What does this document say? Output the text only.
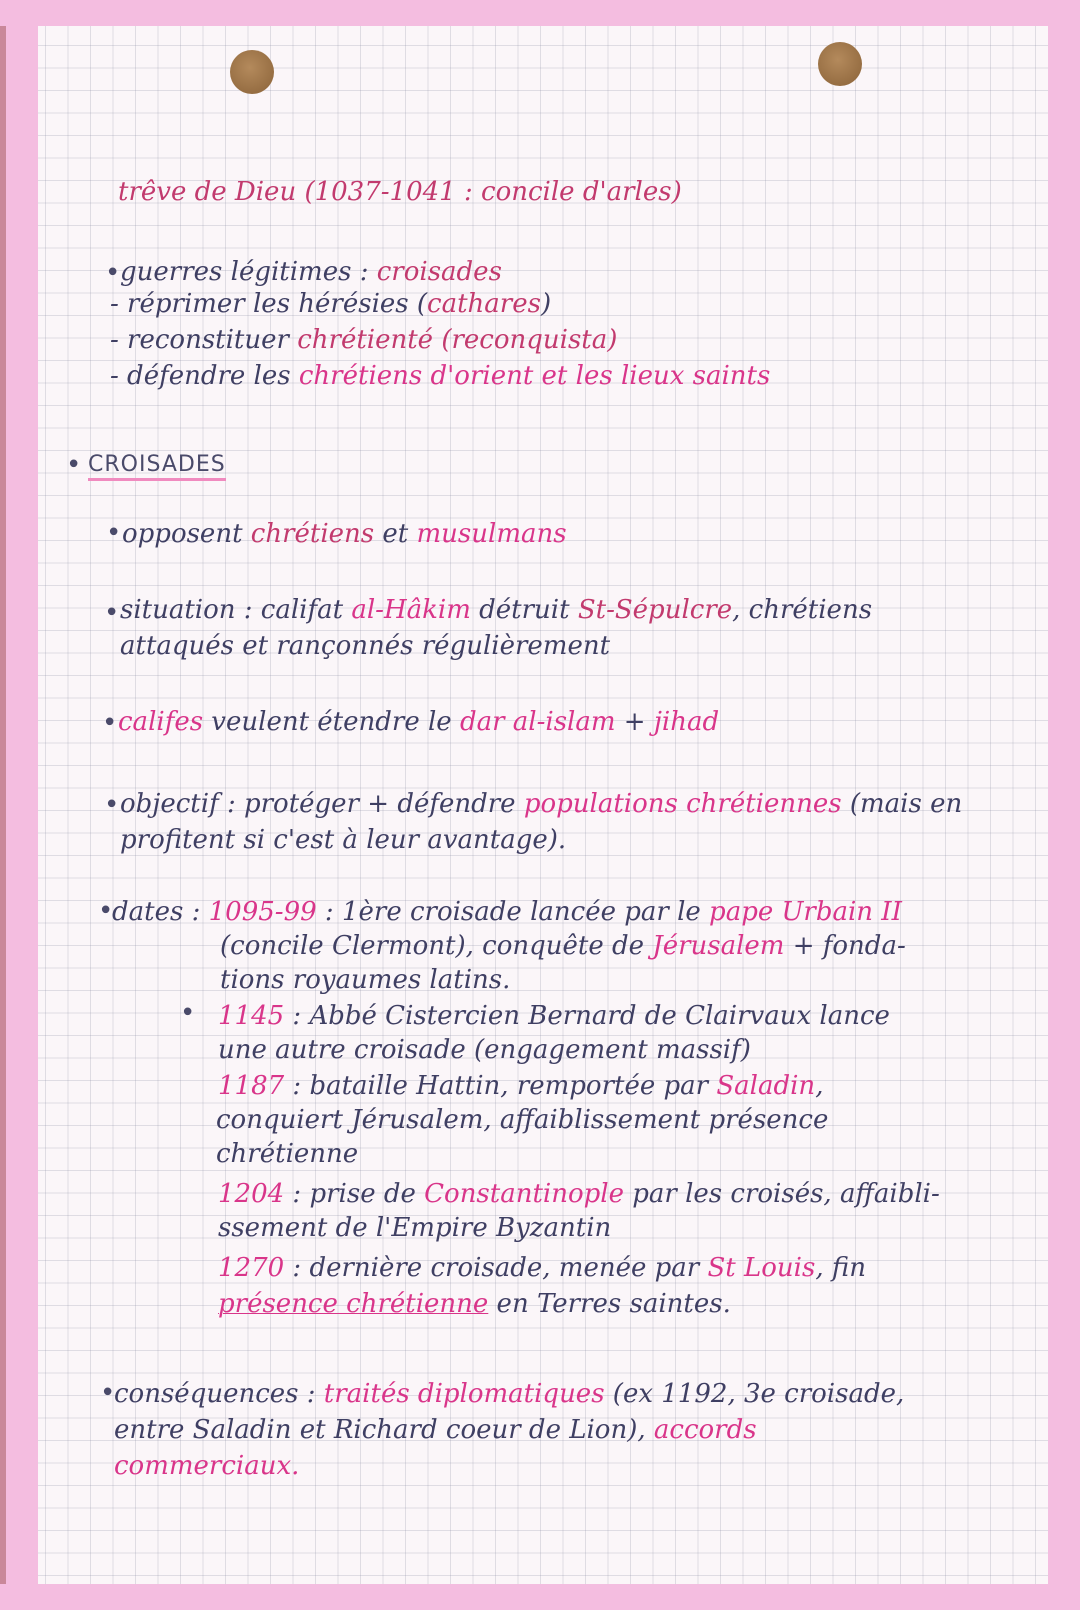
trêve de Dieu (1037-1041 : concile d'arles)

• guerres légitimes : croisades

- réprimer les hérésies (cathares)

- reconstituer chrétienté (reconquista)

- défendre les chrétiens d'orient et les lieux saints

• CROISADES
• opposent chrétiens et musulmans

• situation : califat al-Hâkim détruit St-Sépulcre, chrétiens

attaqués et rançonnés régulièrement

• califes veulent étendre le dar al-islam + jihad

• objectif : protéger + défendre populations chrétiennes (mais en

profitent si c'est à leur avantage).

•

dates : 1095-99 : 1ère croisade lancée par le pape Urbain II

(concile Clermont), conquête de Jérusalem + fonda-

tions royaumes latins.

• 1145 : Abbé Cistercien Bernard de Clairvaux lance

une autre croisade (engagement massif)

1187 : bataille Hattin, remportée par Saladin,

conquiert Jérusalem, affaiblissement présence

chrétienne

1204 : prise de Constantinople par les croisés, affaibli-

ssement de l'Empire Byzantin

1270 : dernière croisade, menée par St Louis, fin

présence chrétienne en Terres saintes.

•

conséquences : traités diplomatiques (ex 1192, 3e croisade,

entre Saladin et Richard coeur de Lion), accords

commerciaux.
